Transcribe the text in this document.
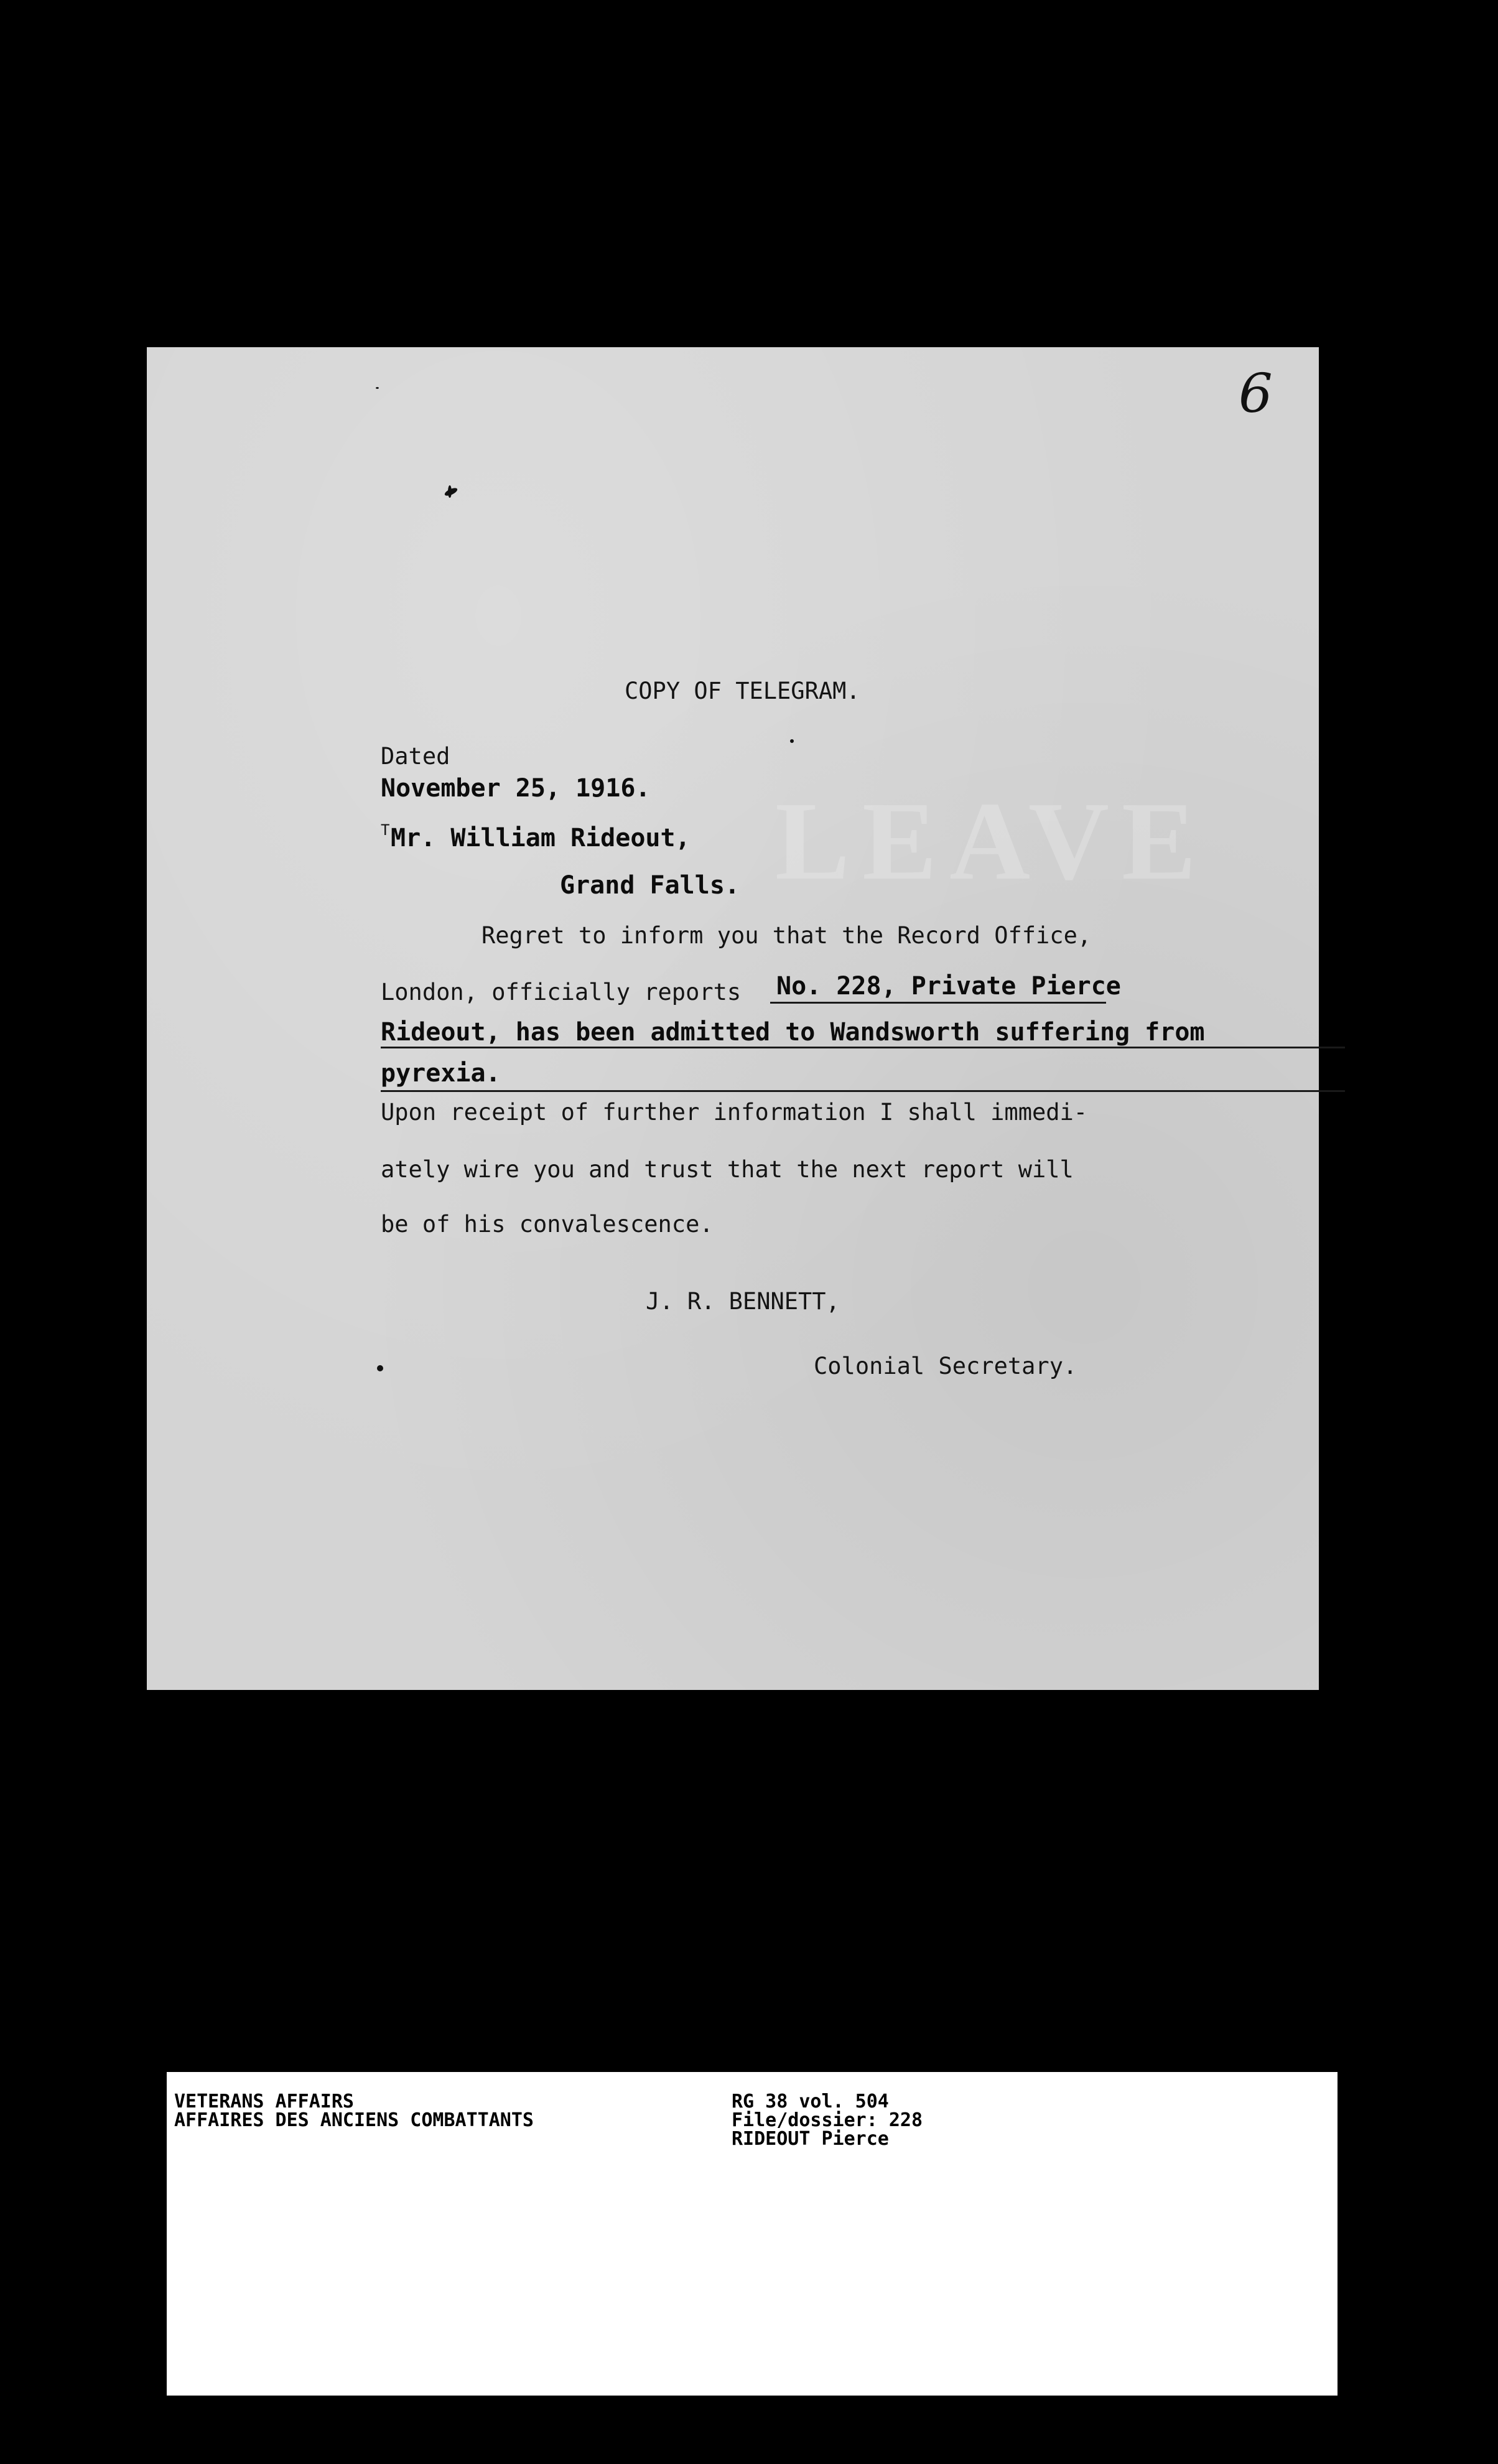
6

LEAVE

COPY OF TELEGRAM.

Dated

November 25, 1916.

T Mr. William Rideout,

Grand Falls.

Regret to inform you that the Record Office,

London, officially reports No. 228, Private Pierce

Rideout, has been admitted to Wandsworth suffering from

pyrexia.

Upon receipt of further information I shall immedi-

ately wire you and trust that the next report will

be of his convalescence.

J. R. BENNETT,

Colonial Secretary.

VETERANS AFFAIRS

AFFAIRES DES ANCIENS COMBATTANTS

RG 38 vol. 504

File/dossier: 228

RIDEOUT Pierce
